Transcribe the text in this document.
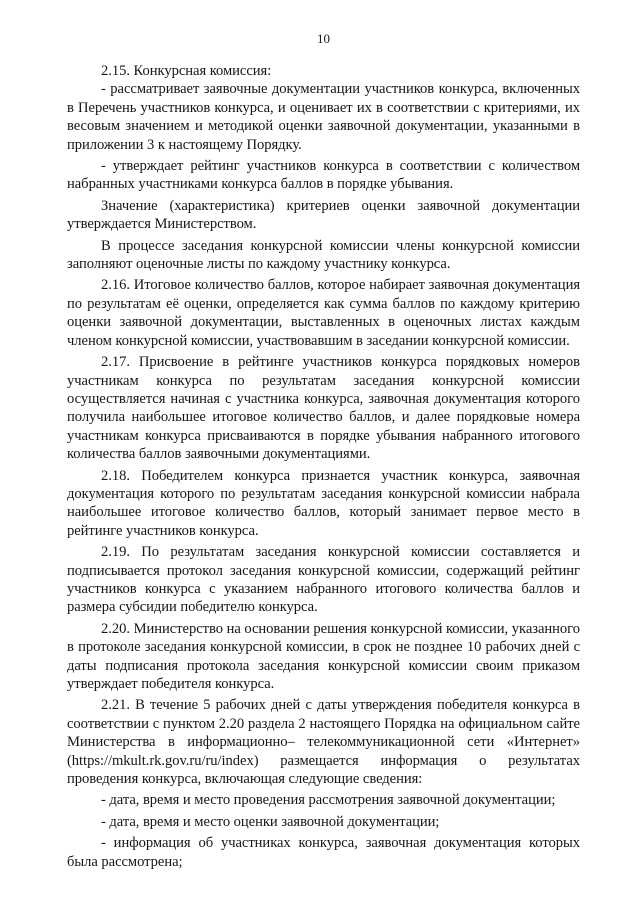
10

2.15. Конкурсная комиссия:

- рассматривает заявочные документации участников конкурса, включенных в Перечень участников конкурса, и оценивает их в соответствии с критериями, их весовым значением и методикой оценки заявочной документации, указанными в приложении 3 к настоящему Порядку.

- утверждает рейтинг участников конкурса в соответствии с количеством набранных участниками конкурса баллов в порядке убывания.

Значение (характеристика) критериев оценки заявочной документации утверждается Министерством.

В процессе заседания конкурсной комиссии члены конкурсной комиссии заполняют оценочные листы по каждому участнику конкурса.

2.16. Итоговое количество баллов, которое набирает заявочная документация по результатам её оценки, определяется как сумма баллов по каждому критерию оценки заявочной документации, выставленных в оценочных листах каждым членом конкурсной комиссии, участвовавшим в заседании конкурсной комиссии.

2.17. Присвоение в рейтинге участников конкурса порядковых номеров участникам конкурса по результатам заседания конкурсной комиссии осуществляется начиная с участника конкурса, заявочная документация которого получила наибольшее итоговое количество баллов, и далее порядковые номера участникам конкурса присваиваются в порядке убывания набранного итогового количества баллов заявочными документациями.

2.18. Победителем конкурса признается участник конкурса, заявочная документация которого по результатам заседания конкурсной комиссии набрала наибольшее итоговое количество баллов, который занимает первое место в рейтинге участников конкурса.

2.19. По результатам заседания конкурсной комиссии составляется и подписывается протокол заседания конкурсной комиссии, содержащий рейтинг участников конкурса с указанием набранного итогового количества баллов и размера субсидии победителю конкурса.

2.20. Министерство на основании решения конкурсной комиссии, указанного в протоколе заседания конкурсной комиссии, в срок не позднее 10 рабочих дней с даты подписания протокола заседания конкурсной комиссии своим приказом утверждает победителя конкурса.

2.21. В течение 5 рабочих дней с даты утверждения победителя конкурса в соответствии с пунктом 2.20 раздела 2 настоящего Порядка на официальном сайте Министерства в информационно– телекоммуникационной сети «Интернет» (https://mkult.rk.gov.ru/ru/index) размещается информация о результатах проведения конкурса, включающая следующие сведения:

- дата, время и место проведения рассмотрения заявочной документации;

- дата, время и место оценки заявочной документации;

- информация об участниках конкурса, заявочная документация которых была рассмотрена;
